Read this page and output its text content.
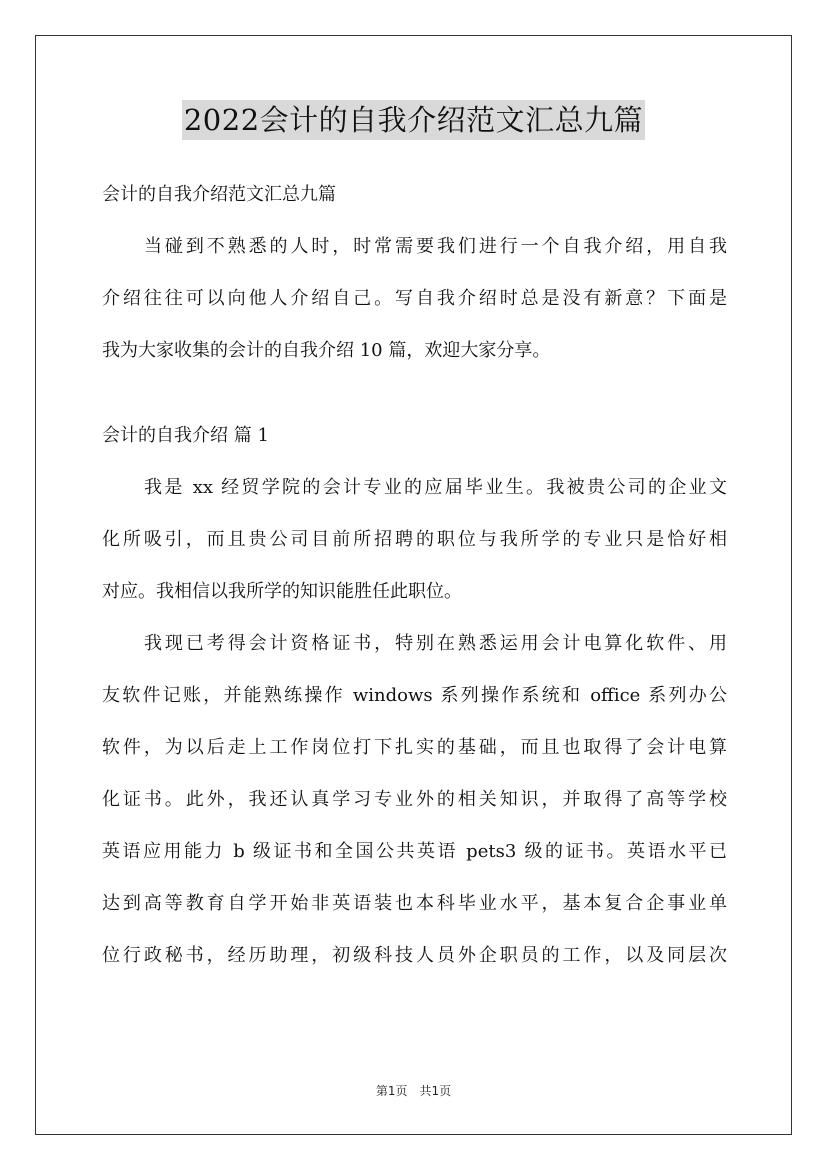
2022会计的自我介绍范文汇总九篇
会计的自我介绍范文汇总九篇
当碰到不熟悉的人时，时常需要我们进行一个自我介绍，用自我
介绍往往可以向他人介绍自己。写自我介绍时总是没有新意？下面是
我为大家收集的会计的自我介绍 10 篇，欢迎大家分享。
会计的自我介绍 篇 1
我是 xx 经贸学院的会计专业的应届毕业生。我被贵公司的企业文
化所吸引，而且贵公司目前所招聘的职位与我所学的专业只是恰好相
对应。我相信以我所学的知识能胜任此职位。
我现已考得会计资格证书，特别在熟悉运用会计电算化软件、用
友软件记账，并能熟练操作 windows 系列操作系统和 office 系列办公
软件，为以后走上工作岗位打下扎实的基础，而且也取得了会计电算
化证书。此外，我还认真学习专业外的相关知识，并取得了高等学校
英语应用能力 b 级证书和全国公共英语 pets3 级的证书。英语水平已
达到高等教育自学开始非英语装也本科毕业水平，基本复合企事业单
位行政秘书，经历助理，初级科技人员外企职员的工作，以及同层次
第1页　共1页
